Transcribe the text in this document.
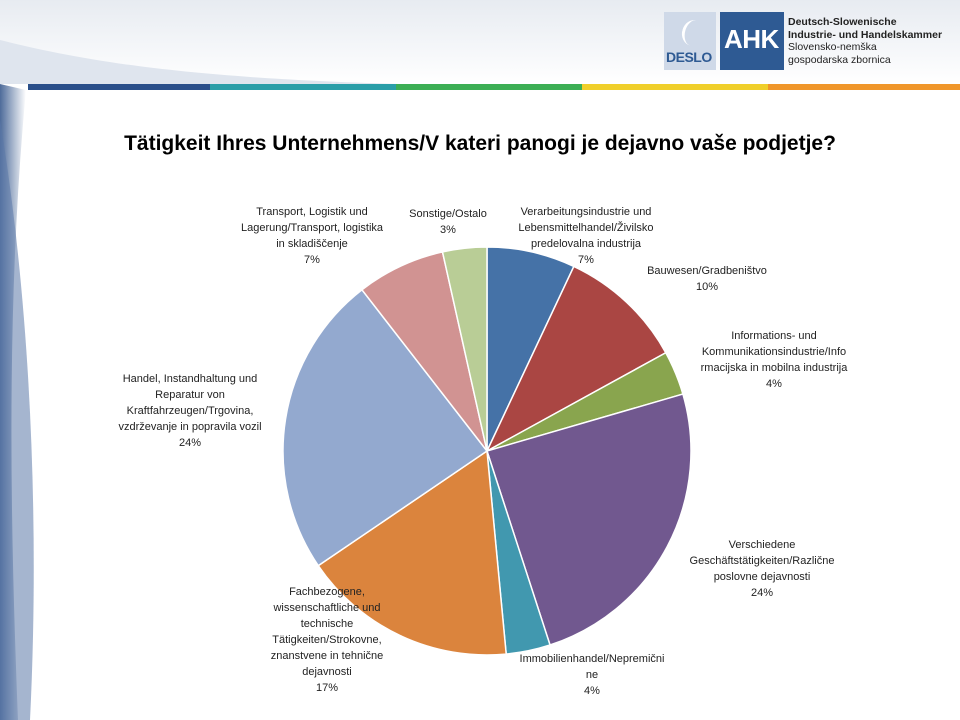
DESLO
AHK
Deutsch-Slowenische
Industrie- und Handelskammer
Slovensko-nemška
gospodarska zbornica
Tätigkeit Ihres Unternehmens/V kateri panogi je dejavno vaše podjetje?
Verarbeitungsindustrie und Lebensmittelhandel/Živilsko predelovalna industrija 7%
Bauwesen/Gradbeništvo 10%
Informations- und Kommunikationsindustrie/Info rmacijska in mobilna industrija 4%
Verschiedene Geschäftstätigkeiten/Različne poslovne dejavnosti 24%
Immobilienhandel/Nepremični ne 4%
Fachbezogene, wissenschaftliche und technische Tätigkeiten/Strokovne, znanstvene in tehnične dejavnosti 17%
Handel, Instandhaltung und Reparatur von Kraftfahrzeugen/Trgovina, vzdrževanje in popravila vozil 24%
Transport, Logistik und Lagerung/Transport, logistika in skladiščenje 7%
Sonstige/Ostalo 3%
